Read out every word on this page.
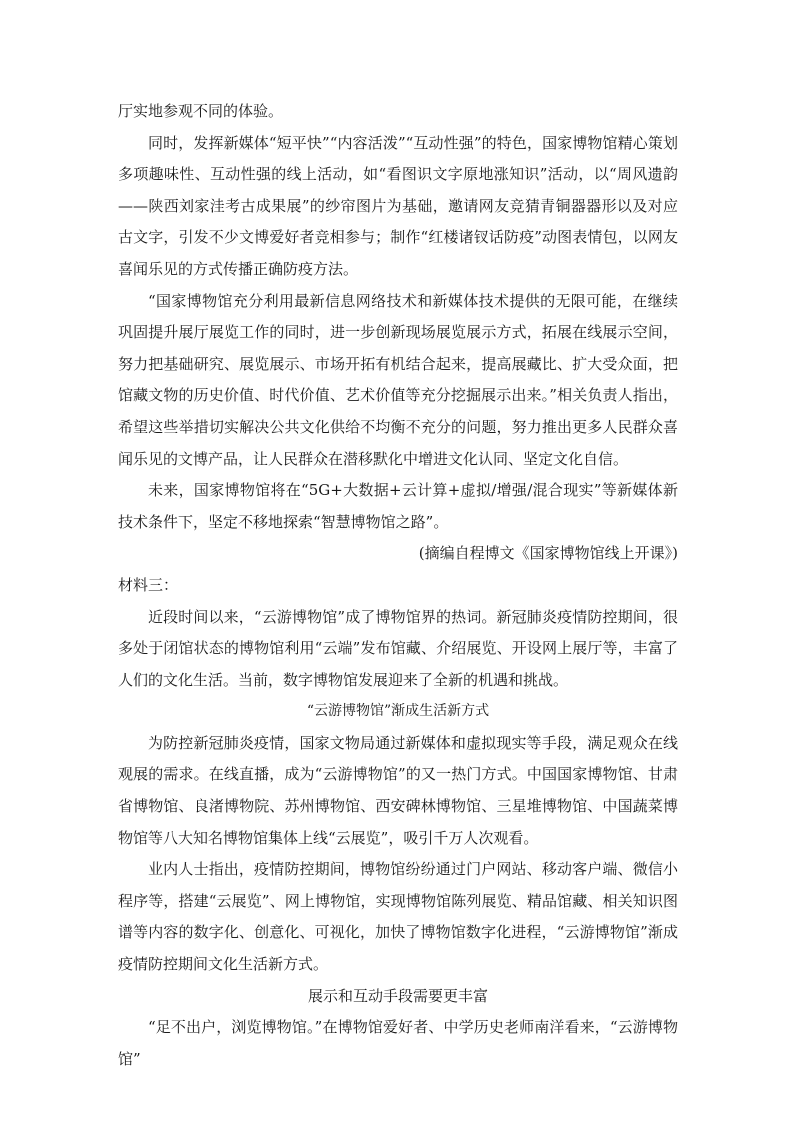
厅实地参观不同的体验。

同时，发挥新媒体“短平快”“内容活泼”“互动性强”的特色，国家博物馆精心策划多项趣味性、互动性强的线上活动，如“看图识文字原地涨知识”活动，以“周风遗韵——陕西刘家洼考古成果展”的纱帘图片为基础，邀请网友竞猜青铜器器形以及对应古文字，引发不少文博爱好者竞相参与；制作“红楼诸钗话防疫”动图表情包，以网友喜闻乐见的方式传播正确防疫方法。

“国家博物馆充分利用最新信息网络技术和新媒体技术提供的无限可能，在继续巩固提升展厅展览工作的同时，进一步创新现场展览展示方式，拓展在线展示空间，努力把基础研究、展览展示、市场开拓有机结合起来，提高展藏比、扩大受众面，把馆藏文物的历史价值、时代价值、艺术价值等充分挖掘展示出来。”相关负责人指出，希望这些举措切实解决公共文化供给不均衡不充分的问题，努力推出更多人民群众喜闻乐见的文博产品，让人民群众在潜移默化中增进文化认同、坚定文化自信。

未来，国家博物馆将在“5G+大数据+云计算+虚拟/增强/混合现实”等新媒体新技术条件下，坚定不移地探索“智慧博物馆之路”。

(摘编自程博文《国家博物馆线上开课》)

材料三：

近段时间以来，“云游博物馆”成了博物馆界的热词。新冠肺炎疫情防控期间，很多处于闭馆状态的博物馆利用“云端”发布馆藏、介绍展览、开设网上展厅等，丰富了人们的文化生活。当前，数字博物馆发展迎来了全新的机遇和挑战。

“云游博物馆”渐成生活新方式

为防控新冠肺炎疫情，国家文物局通过新媒体和虚拟现实等手段，满足观众在线观展的需求。在线直播，成为“云游博物馆”的又一热门方式。中国国家博物馆、甘肃省博物馆、良渚博物院、苏州博物馆、西安碑林博物馆、三星堆博物馆、中国蔬菜博物馆等八大知名博物馆集体上线“云展览”，吸引千万人次观看。

业内人士指出，疫情防控期间，博物馆纷纷通过门户网站、移动客户端、微信小程序等，搭建“云展览”、网上博物馆，实现博物馆陈列展览、精品馆藏、相关知识图谱等内容的数字化、创意化、可视化，加快了博物馆数字化进程，“云游博物馆”渐成疫情防控期间文化生活新方式。

展示和互动手段需要更丰富

“足不出户，浏览博物馆。”在博物馆爱好者、中学历史老师南洋看来，“云游博物馆”
